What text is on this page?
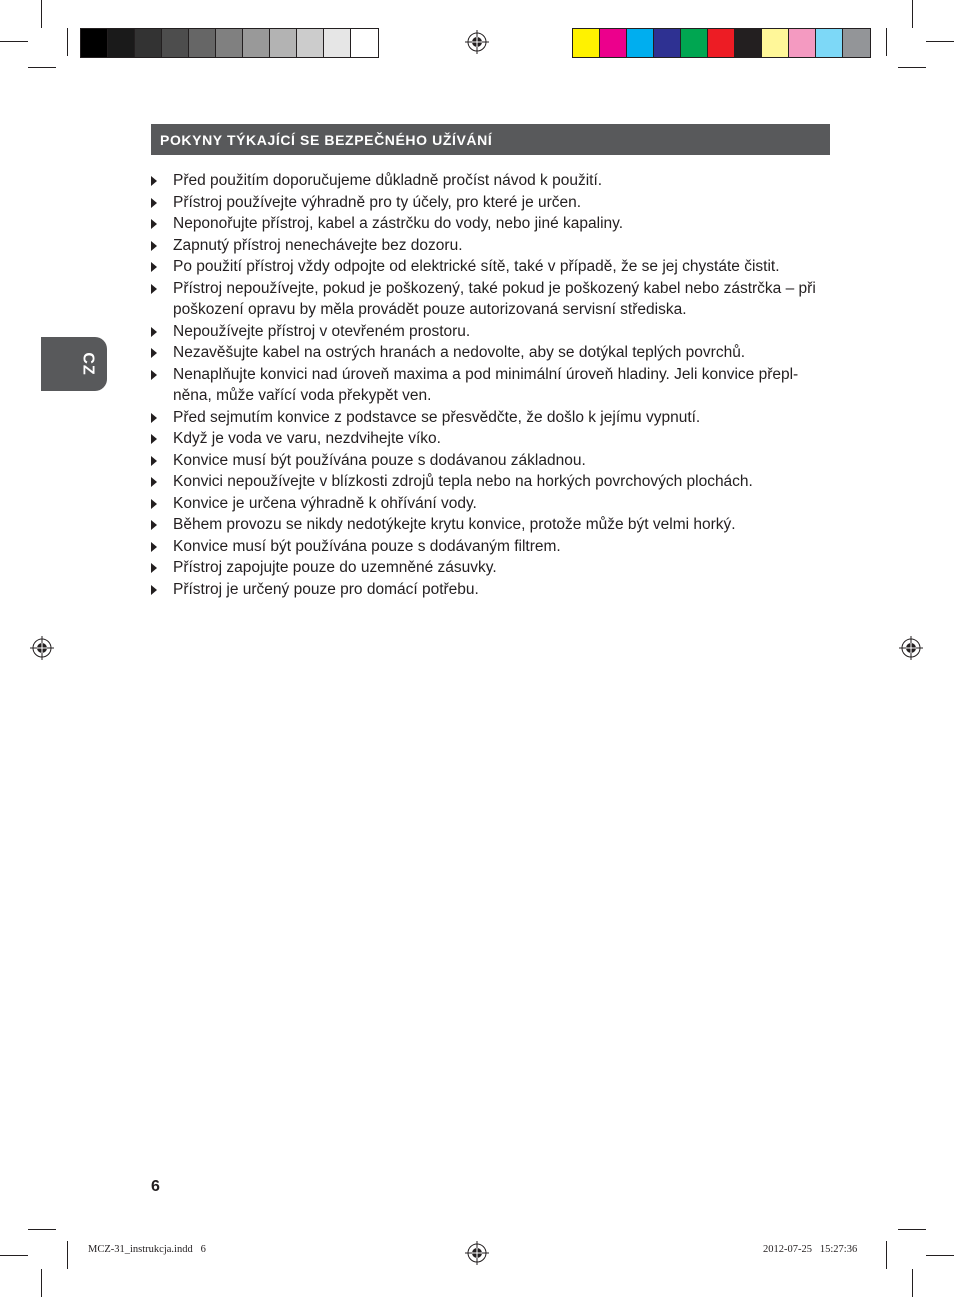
POKYNY TÝKAJÍCÍ SE BEZPEČNÉHO UŽÍVÁNÍ
CZ
Před použitím doporučujeme důkladně pročíst návod k použití.
Přístroj používejte výhradně pro ty účely, pro které je určen.
Neponořujte přístroj, kabel a zástrčku do vody, nebo jiné kapaliny.
Zapnutý přístroj nenechávejte bez dozoru.
Po použití přístroj vždy odpojte od elektrické sítě, také v případě, že se jej chystáte čistit.
Přístroj nepoužívejte, pokud je poškozený, také pokud je poškozený kabel nebo zástrčka – při poškození opravu by měla provádět pouze autorizovaná servisní střediska.
Nepoužívejte přístroj v otevřeném prostoru.
Nezavěšujte kabel na ostrých hranách a nedovolte, aby se dotýkal teplých povrchů.
Nenaplňujte konvici nad úroveň maxima a pod minimální úroveň hladiny. Jeli konvice přepl-něna, může vařící voda překypět ven.
Před sejmutím konvice z podstavce se přesvědčte, že došlo k jejímu vypnutí.
Když je voda ve varu, nezdvihejte víko.
Konvice musí být používána pouze s dodávanou základnou.
Konvici nepoužívejte v blízkosti zdrojů tepla nebo na horkých povrchových plochách.
Konvice je určena výhradně k ohřívání vody.
Během provozu se nikdy nedotýkejte krytu konvice, protože může být velmi horký.
Konvice musí být používána pouze s dodávaným filtrem.
Přístroj zapojujte pouze do uzemněné zásuvky.
Přístroj je určený pouze pro domácí potřebu.
6
MCZ-31_instrukcja.indd   6	2012-07-25   15:27:36
